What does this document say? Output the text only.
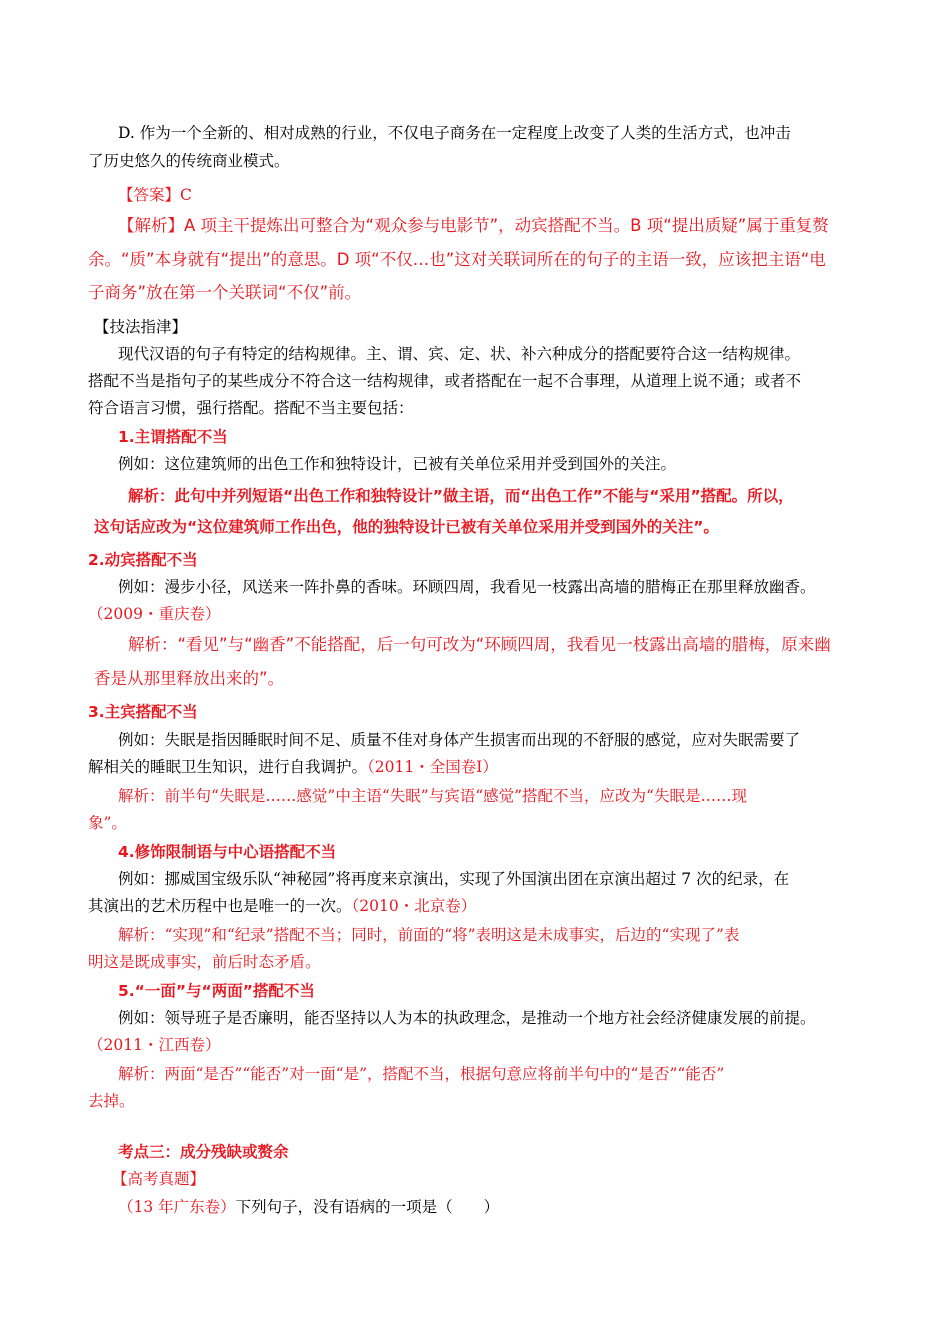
D. 作为一个全新的、相对成熟的行业，不仅电子商务在一定程度上改变了人类的生活方式，也冲击
了历史悠久的传统商业模式。
【答案】C
【解析】A 项主干提炼出可整合为“观众参与电影节”，动宾搭配不当。B 项“提出质疑”属于重复赘
余。“质”本身就有“提出”的意思。D 项“不仅…也”这对关联词所在的句子的主语一致，应该把主语“电
子商务”放在第一个关联词“不仅”前。
【技法指津】
现代汉语的句子有特定的结构规律。主、谓、宾、定、状、补六种成分的搭配要符合这一结构规律。
搭配不当是指句子的某些成分不符合这一结构规律，或者搭配在一起不合事理，从道理上说不通；或者不
符合语言习惯，强行搭配。搭配不当主要包括：
1.主谓搭配不当
例如：这位建筑师的出色工作和独特设计，已被有关单位采用并受到国外的关注。
解析：此句中并列短语“出色工作和独特设计”做主语，而“出色工作”不能与“采用”搭配。所以，
这句话应改为“这位建筑师工作出色，他的独特设计已被有关单位采用并受到国外的关注”。
2.动宾搭配不当
例如：漫步小径，风送来一阵扑鼻的香味。环顾四周，我看见一枝露出高墙的腊梅正在那里释放幽香。
（2009・重庆卷）
解析：“看见”与“幽香”不能搭配，后一句可改为“环顾四周，我看见一枝露出高墙的腊梅，原来幽
香是从那里释放出来的”。
3.主宾搭配不当
例如：失眠是指因睡眠时间不足、质量不佳对身体产生损害而出现的不舒服的感觉，应对失眠需要了
解相关的睡眠卫生知识，进行自我调护。（2011・全国卷Ⅰ）
解析：前半句“失眠是……感觉”中主语“失眠”与宾语“感觉”搭配不当，应改为“失眠是……现
象”。
4.修饰限制语与中心语搭配不当
例如：挪威国宝级乐队“神秘园”将再度来京演出，实现了外国演出团在京演出超过 7 次的纪录，在
其演出的艺术历程中也是唯一的一次。（2010・北京卷）
解析：“实现”和“纪录”搭配不当；同时，前面的“将”表明这是未成事实，后边的“实现了”表
明这是既成事实，前后时态矛盾。
5.“一面”与“两面”搭配不当
例如：领导班子是否廉明，能否坚持以人为本的执政理念，是推动一个地方社会经济健康发展的前提。
（2011・江西卷）
解析：两面“是否”“能否”对一面“是”，搭配不当，根据句意应将前半句中的“是否”“能否”
去掉。
考点三：成分残缺或赘余
【高考真题】
（13 年广东卷）下列句子，没有语病的一项是（　　）
